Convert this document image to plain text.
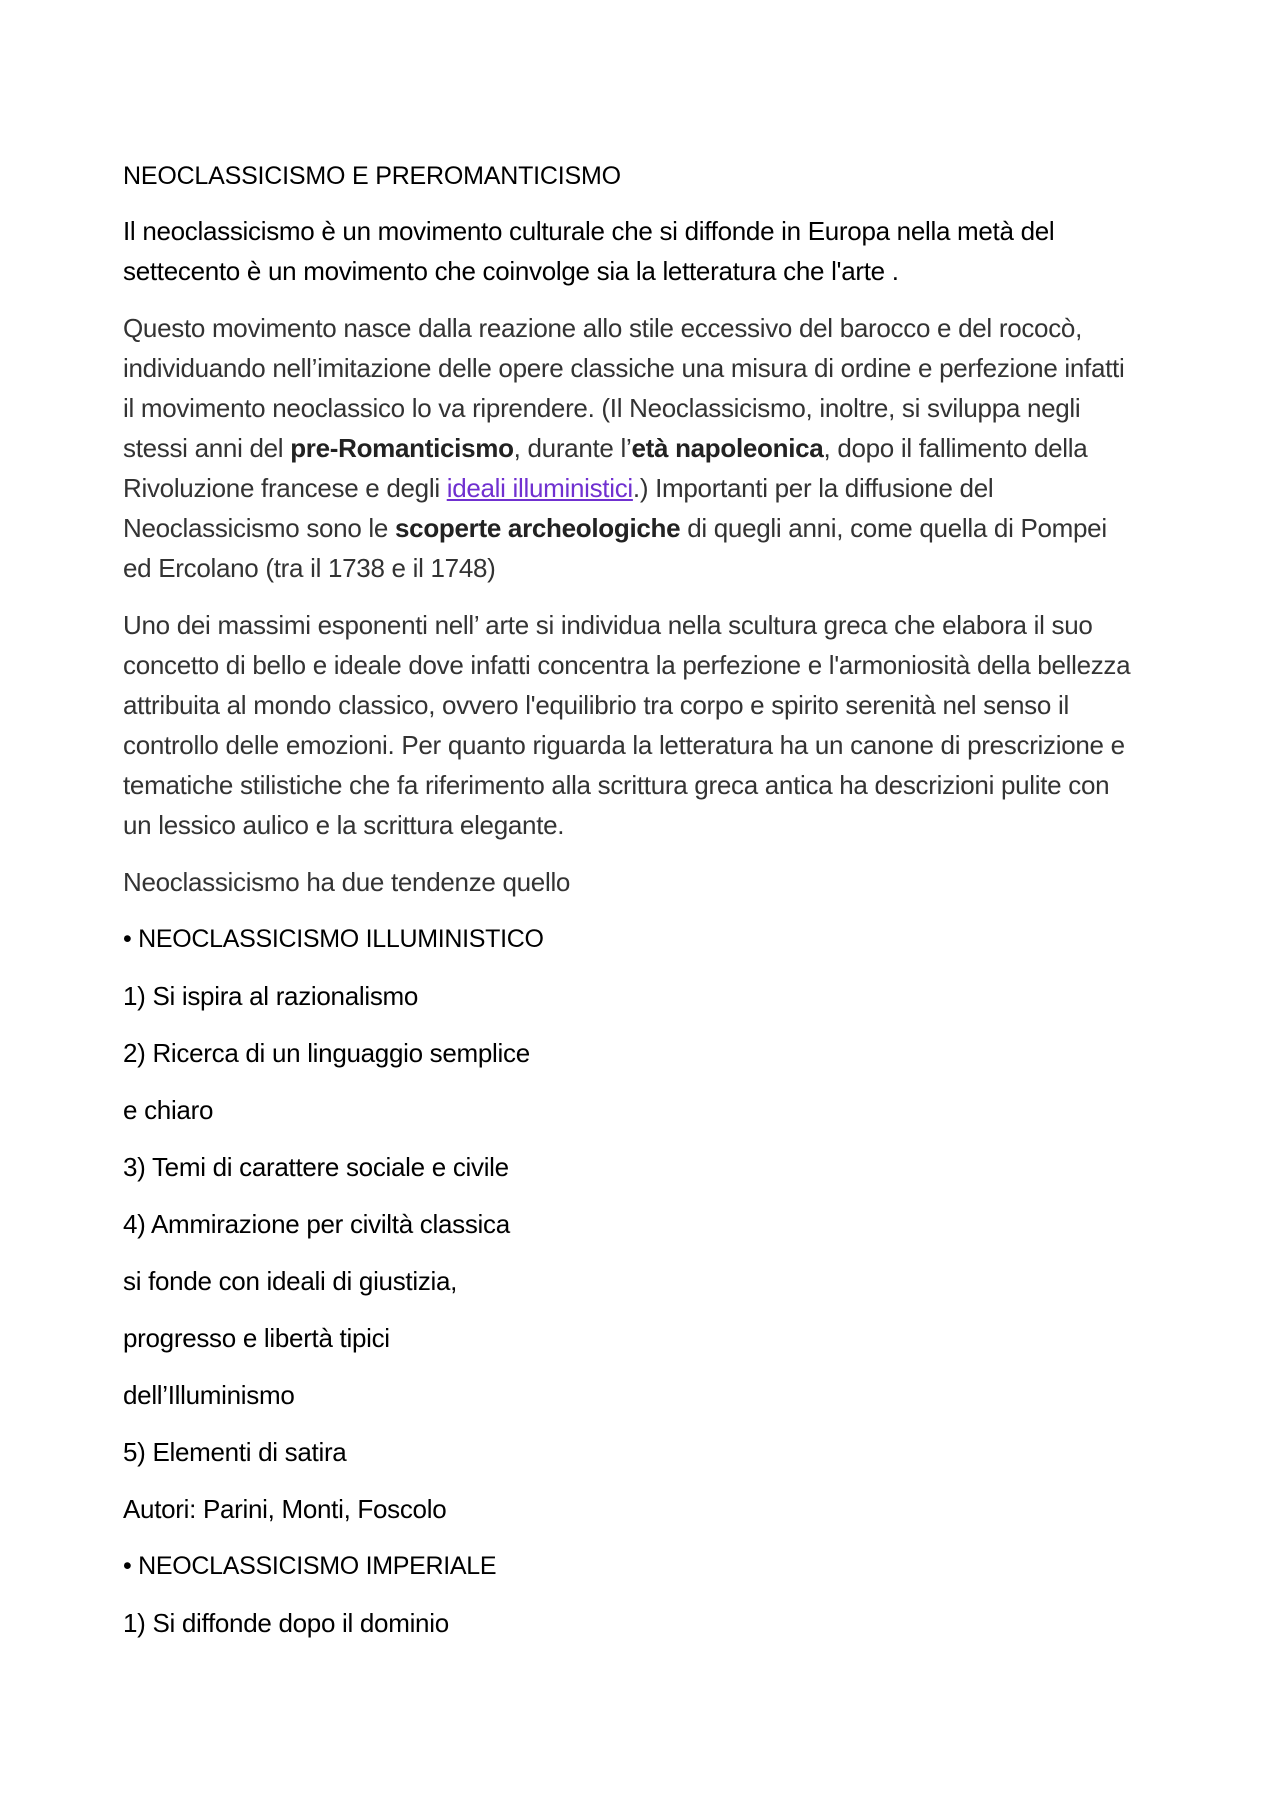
NEOCLASSICISMO E PREROMANTICISMO
Il neoclassicismo è un movimento culturale che si diffonde in Europa nella metà del settecento è un movimento che coinvolge sia la letteratura che l'arte .
Questo movimento nasce dalla reazione allo stile eccessivo del barocco e del rococò, individuando nell’imitazione delle opere classiche una misura di ordine e perfezione infatti il movimento neoclassico lo va riprendere. (Il Neoclassicismo, inoltre, si sviluppa negli stessi anni del pre-Romanticismo, durante l’età napoleonica, dopo il fallimento della Rivoluzione francese e degli ideali illuministici.) Importanti per la diffusione del Neoclassicismo sono le scoperte archeologiche di quegli anni, come quella di Pompei ed Ercolano (tra il 1738 e il 1748)
Uno dei massimi esponenti nell’ arte si individua nella scultura greca che elabora il suo concetto di bello e ideale dove infatti concentra la perfezione e l'armoniosità della bellezza attribuita al mondo classico, ovvero l'equilibrio tra corpo e spirito serenità nel senso il controllo delle emozioni. Per quanto riguarda la letteratura ha un canone di prescrizione e tematiche stilistiche che fa riferimento alla scrittura greca antica ha descrizioni pulite con un lessico aulico e la scrittura elegante.
Neoclassicismo ha due tendenze quello
• NEOCLASSICISMO ILLUMINISTICO
1) Si ispira al razionalismo
2) Ricerca di un linguaggio semplice
e chiaro
3) Temi di carattere sociale e civile
4) Ammirazione per civiltà classica
si fonde con ideali di giustizia,
progresso e libertà tipici
dell’Illuminismo
5) Elementi di satira
Autori: Parini, Monti, Foscolo
• NEOCLASSICISMO IMPERIALE
1) Si diffonde dopo il dominio
